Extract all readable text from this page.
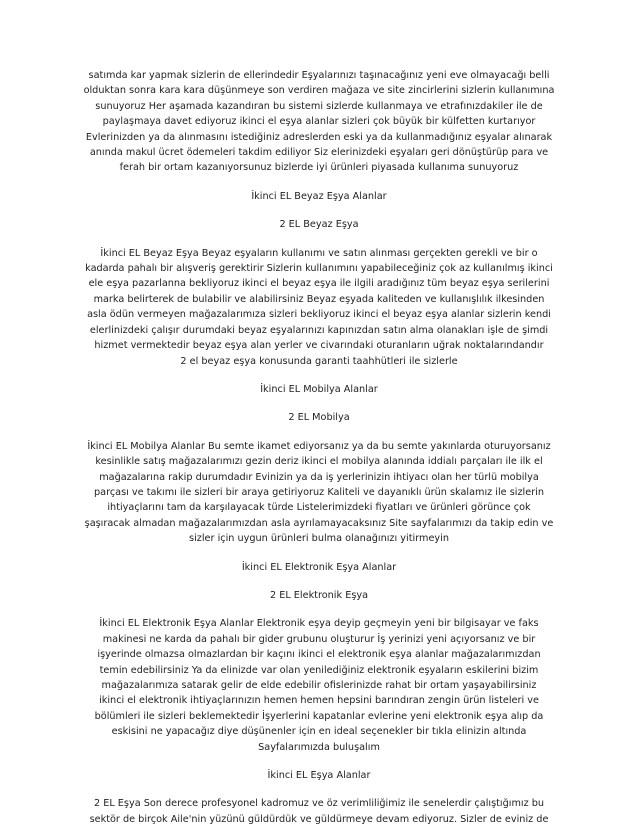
satımda kar yapmak sizlerin de ellerindedir Eşyalarınızı taşınacağınız yeni eve olmayacağı belli
olduktan sonra kara kara düşünmeye son verdiren mağaza ve site zincirlerini sizlerin kullanımına
sunuyoruz Her aşamada kazandıran bu sistemi sizlerde kullanmaya ve etrafınızdakiler ile de
paylaşmaya davet ediyoruz ikinci el eşya alanlar sizleri çok büyük bir külfetten kurtarıyor
Evlerinizden ya da alınmasını istediğiniz adreslerden eski ya da kullanmadığınız eşyalar alınarak
anında makul ücret ödemeleri takdim ediliyor Siz elerinizdeki eşyaları geri dönüştürüp para ve
ferah bir ortam kazanıyorsunuz bizlerde iyi ürünleri piyasada kullanıma sunuyoruz

İkinci EL Beyaz Eşya Alanlar
2 EL Beyaz Eşya

İkinci EL Beyaz Eşya Beyaz eşyaların kullanımı ve satın alınması gerçekten gerekli ve bir o
kadarda pahalı bir alışveriş gerektirir Sizlerin kullanımını yapabileceğiniz çok az kullanılmış ikinci
ele eşya pazarlanna bekliyoruz ikinci el beyaz eşya ile ilgili aradığınız tüm beyaz eşya serilerini
marka belirterek de bulabilir ve alabilirsiniz Beyaz eşyada kaliteden ve kullanışlılık ilkesinden
asla ödün vermeyen mağazalarımıza sizleri bekliyoruz ikinci el beyaz eşya alanlar sizlerin kendi
elerlinizdeki çalışır durumdaki beyaz eşyalarınızı kapınızdan satın alma olanakları işle de şimdi
hizmet vermektedir beyaz eşya alan yerler ve civarındaki oturanların uğrak noktalarındandır
2 el beyaz eşya konusunda garanti taahhütleri ile sizlerle

İkinci EL Mobilya Alanlar
2 EL Mobilya

İkinci EL Mobilya Alanlar Bu semte ikamet ediyorsanız ya da bu semte yakınlarda oturuyorsanız
kesinlikle satış mağazalarımızı gezin deriz ikinci el mobilya alanında iddialı parçaları ile ilk el
mağazalarına rakip durumdadır Evinizin ya da iş yerlerinizin ihtiyacı olan her türlü mobilya
parçası ve takımı ile sizleri bir araya getiriyoruz Kaliteli ve dayanıklı ürün skalamız ile sizlerin
ihtiyaçlarını tam da karşılayacak türde Listelerimizdeki fiyatları ve ürünleri görünce çok
şaşıracak almadan mağazalarımızdan asla ayrılamayacaksınız Site sayfalarımızı da takip edin ve
sizler için uygun ürünleri bulma olanağınızı yitirmeyin

İkinci EL Elektronik Eşya Alanlar
2 EL Elektronik Eşya

İkinci EL Elektronik Eşya Alanlar Elektronik eşya deyip geçmeyin yeni bir bilgisayar ve faks
makinesi ne karda da pahalı bir gider grubunu oluşturur İş yerinizi yeni açıyorsanız ve bir
işyerinde olmazsa olmazlardan bir kaçını ikinci el elektronik eşya alanlar mağazalarımızdan
temin edebilirsiniz Ya da elinizde var olan yenilediğiniz elektronik eşyaların eskilerini bizim
mağazalarımıza satarak gelir de elde edebilir ofislerinizde rahat bir ortam yaşayabilirsiniz
ikinci el elektronik ihtiyaçlarınızın hemen hemen hepsini barındıran zengin ürün listeleri ve
bölümleri ile sizleri beklemektedir İşyerlerini kapatanlar evlerine yeni elektronik eşya alıp da
eskisini ne yapacağız diye düşünenler için en ideal seçenekler bir tıkla elinizin altında
Sayfalarımızda buluşalım

İkinci EL Eşya Alanlar

2 EL Eşya Son derece profesyonel kadromuz ve öz verimliliğimiz ile senelerdir çalıştığımız bu
sektör de birçok Aile'nin yüzünü güldürdük ve güldürmeye devam ediyoruz. Sizler de eviniz de
